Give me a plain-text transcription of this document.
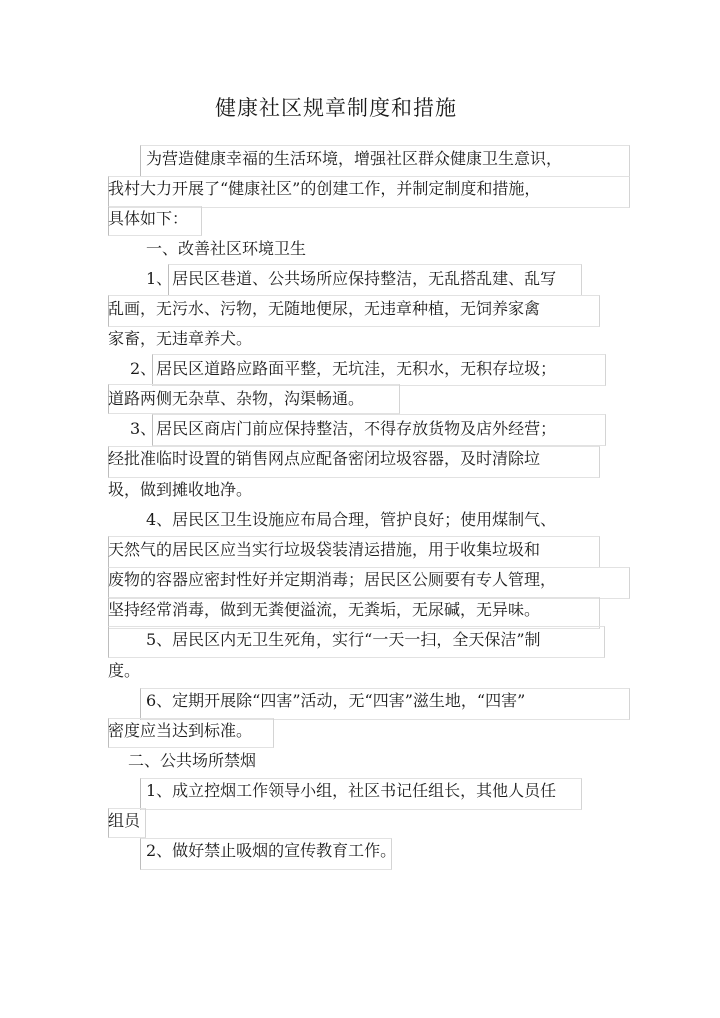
健康社区规章制度和措施
为营造健康幸福的生活环境，增强社区群众健康卫生意识，
我村大力开展了“健康社区”的创建工作，并制定制度和措施，
具体如下：
一、改善社区环境卫生
1、居民区巷道、公共场所应保持整洁，无乱搭乱建、乱写
乱画，无污水、污物，无随地便尿，无违章种植，无饲养家禽
家畜，无违章养犬。
2、居民区道路应路面平整，无坑洼，无积水，无积存垃圾；
道路两侧无杂草、杂物，沟渠畅通。
3、居民区商店门前应保持整洁，不得存放货物及店外经营；
经批准临时设置的销售网点应配备密闭垃圾容器，及时清除垃
圾，做到摊收地净。
4、居民区卫生设施应布局合理，管护良好；使用煤制气、
天然气的居民区应当实行垃圾袋装清运措施，用于收集垃圾和
废物的容器应密封性好并定期消毒；居民区公厕要有专人管理，
坚持经常消毒，做到无粪便溢流，无粪垢，无尿碱，无异味。
5、居民区内无卫生死角，实行“一天一扫，全天保洁”制
度。
6、定期开展除“四害”活动，无“四害”滋生地，“四害”
密度应当达到标准。
二、公共场所禁烟
1、成立控烟工作领导小组，社区书记任组长，其他人员任
组员
2、做好禁止吸烟的宣传教育工作。
